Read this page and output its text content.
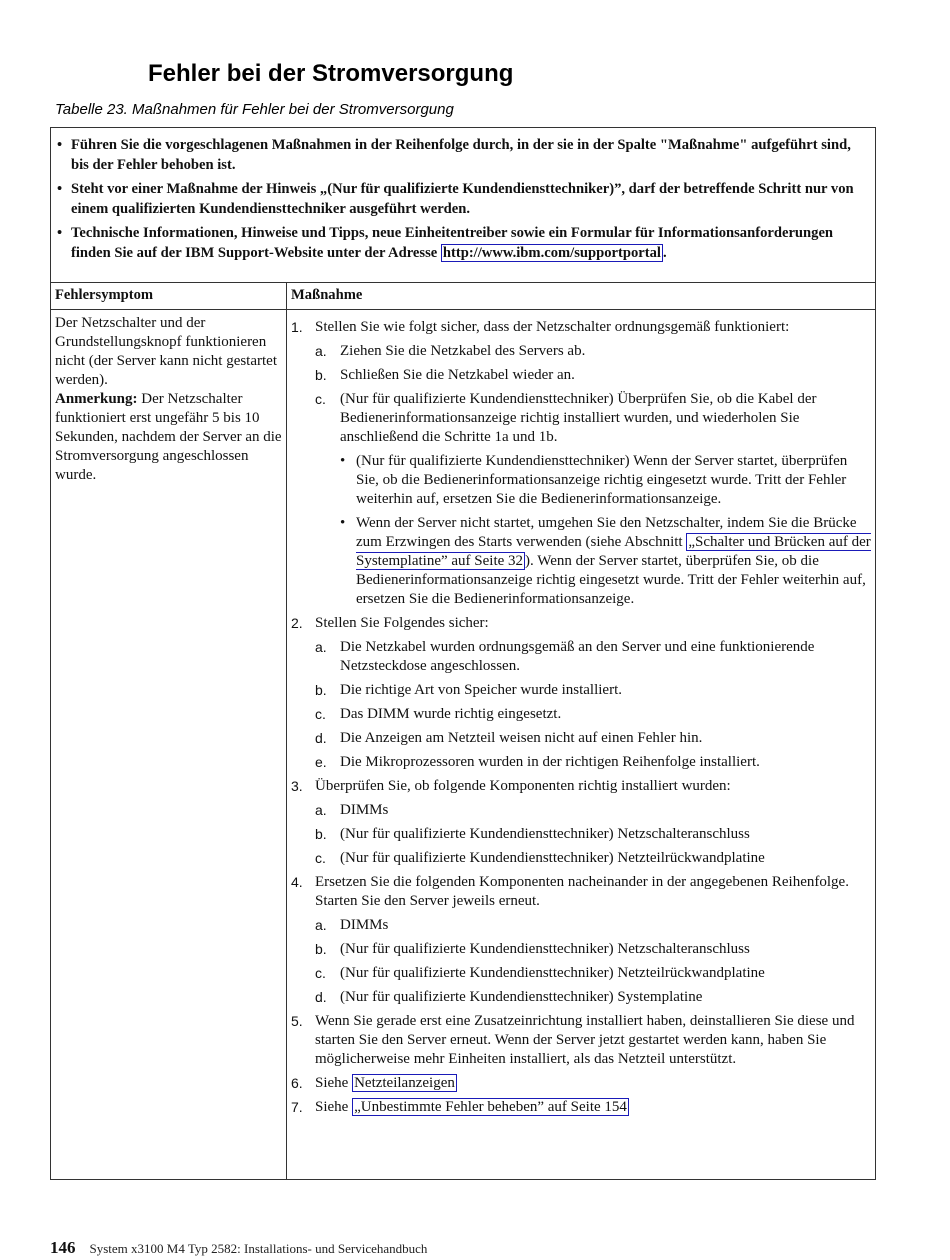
Fehler bei der Stromversorgung
Tabelle 23. Maßnahmen für Fehler bei der Stromversorgung
• Führen Sie die vorgeschlagenen Maßnahmen in der Reihenfolge durch, in der sie in der Spalte "Maßnahme" aufgeführt sind, bis der Fehler behoben ist.
• Steht vor einer Maßnahme der Hinweis „(Nur für qualifizierte Kundendiensttechniker)”, darf der betreffende Schritt nur von einem qualifizierten Kundendiensttechniker ausgeführt werden.
• Technische Informationen, Hinweise und Tipps, neue Einheitentreiber sowie ein Formular für Informationsanforderungen finden Sie auf der IBM Support-Website unter der Adresse http://www.ibm.com/supportportal .
Fehlersymptom	Maßnahme

Der Netzschalter und der Grundstellungsknopf funktionieren nicht (der Server kann nicht gestartet werden).

Anmerkung: Der Netzschalter funktioniert erst ungefähr 5 bis 10 Sekunden, nachdem der Server an die Stromversorgung angeschlossen wurde.

1. Stellen Sie wie folgt sicher, dass der Netzschalter ordnungsgemäß funktioniert:
a. Ziehen Sie die Netzkabel des Servers ab.
b. Schließen Sie die Netzkabel wieder an.
c. (Nur für qualifizierte Kundendiensttechniker) Überprüfen Sie, ob die Kabel der Bedienerinformationsanzeige richtig installiert wurden, und wiederholen Sie anschließend die Schritte 1a und 1b.
• (Nur für qualifizierte Kundendiensttechniker) Wenn der Server startet, überprüfen Sie, ob die Bedienerinformationsanzeige richtig eingesetzt wurde. Tritt der Fehler weiterhin auf, ersetzen Sie die Bedienerinformationsanzeige.
• Wenn der Server nicht startet, umgehen Sie den Netzschalter, indem Sie die Brücke zum Erzwingen des Starts verwenden (siehe Abschnitt „Schalter und Brücken auf der Systemplatine” auf Seite 32 ). Wenn der Server startet, überprüfen Sie, ob die Bedienerinformationsanzeige richtig eingesetzt wurde. Tritt der Fehler weiterhin auf, ersetzen Sie die Bedienerinformationsanzeige.
2. Stellen Sie Folgendes sicher:
a. Die Netzkabel wurden ordnungsgemäß an den Server und eine funktionierende Netzsteckdose angeschlossen.
b. Die richtige Art von Speicher wurde installiert.
c. Das DIMM wurde richtig eingesetzt.
d. Die Anzeigen am Netzteil weisen nicht auf einen Fehler hin.
e. Die Mikroprozessoren wurden in der richtigen Reihenfolge installiert.
3. Überprüfen Sie, ob folgende Komponenten richtig installiert wurden:
a. DIMMs
b. (Nur für qualifizierte Kundendiensttechniker) Netzschalteranschluss
c. (Nur für qualifizierte Kundendiensttechniker) Netzteilrückwandplatine
4. Ersetzen Sie die folgenden Komponenten nacheinander in der angegebenen Reihenfolge. Starten Sie den Server jeweils erneut.
a. DIMMs
b. (Nur für qualifizierte Kundendiensttechniker) Netzschalteranschluss
c. (Nur für qualifizierte Kundendiensttechniker) Netzteilrückwandplatine
d. (Nur für qualifizierte Kundendiensttechniker) Systemplatine
5. Wenn Sie gerade erst eine Zusatzeinrichtung installiert haben, deinstallieren Sie diese und starten Sie den Server erneut. Wenn der Server jetzt gestartet werden kann, haben Sie möglicherweise mehr Einheiten installiert, als das Netzteil unterstützt.
6. Siehe Netzteilanzeigen
7. Siehe „Unbestimmte Fehler beheben” auf Seite 154
146 System x3100 M4 Typ 2582: Installations- und Servicehandbuch
